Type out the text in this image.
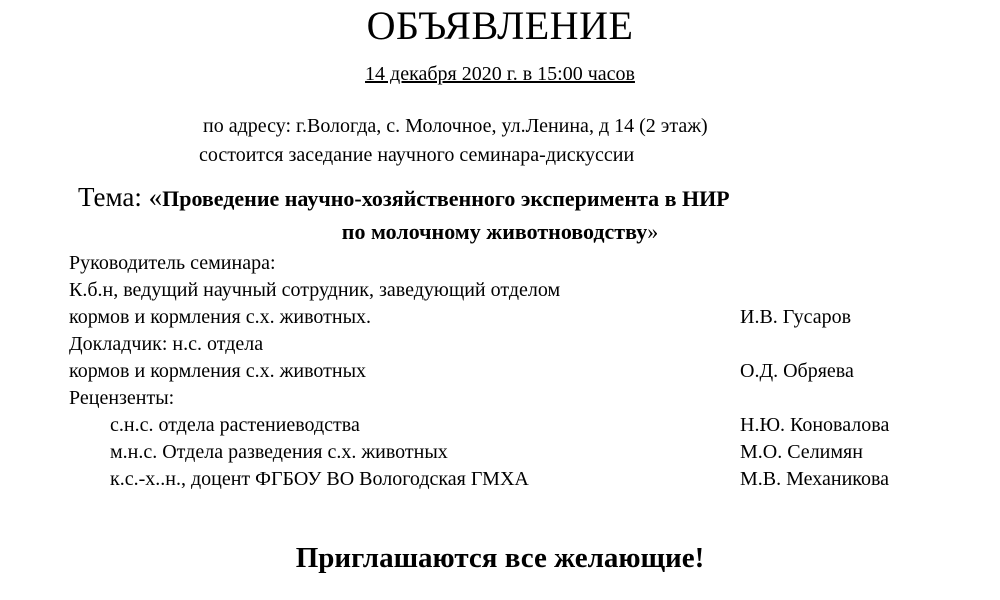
ОБЪЯВЛЕНИЕ
14 декабря 2020 г. в 15:00 часов
по адресу: г.Вологда, с. Молочное, ул.Ленина, д 14 (2 этаж)
состоится заседание научного семинара-дискуссии
Тема: «Проведение научно-хозяйственного эксперимента в НИР
по молочному животноводству»
Руководитель семинара:
К.б.н, ведущий научный сотрудник, заведующий отделом
кормов и кормления с.х. животных.	И.В. Гусаров
Докладчик: н.с. отдела
кормов и кормления с.х. животных	О.Д. Обряева
Рецензенты:
с.н.с. отдела растениеводства	Н.Ю. Коновалова
м.н.с. Отдела разведения с.х. животных	М.О. Селимян
к.с.-х..н., доцент ФГБОУ ВО Вологодская ГМХА	М.В. Механикова
Приглашаются все желающие!
